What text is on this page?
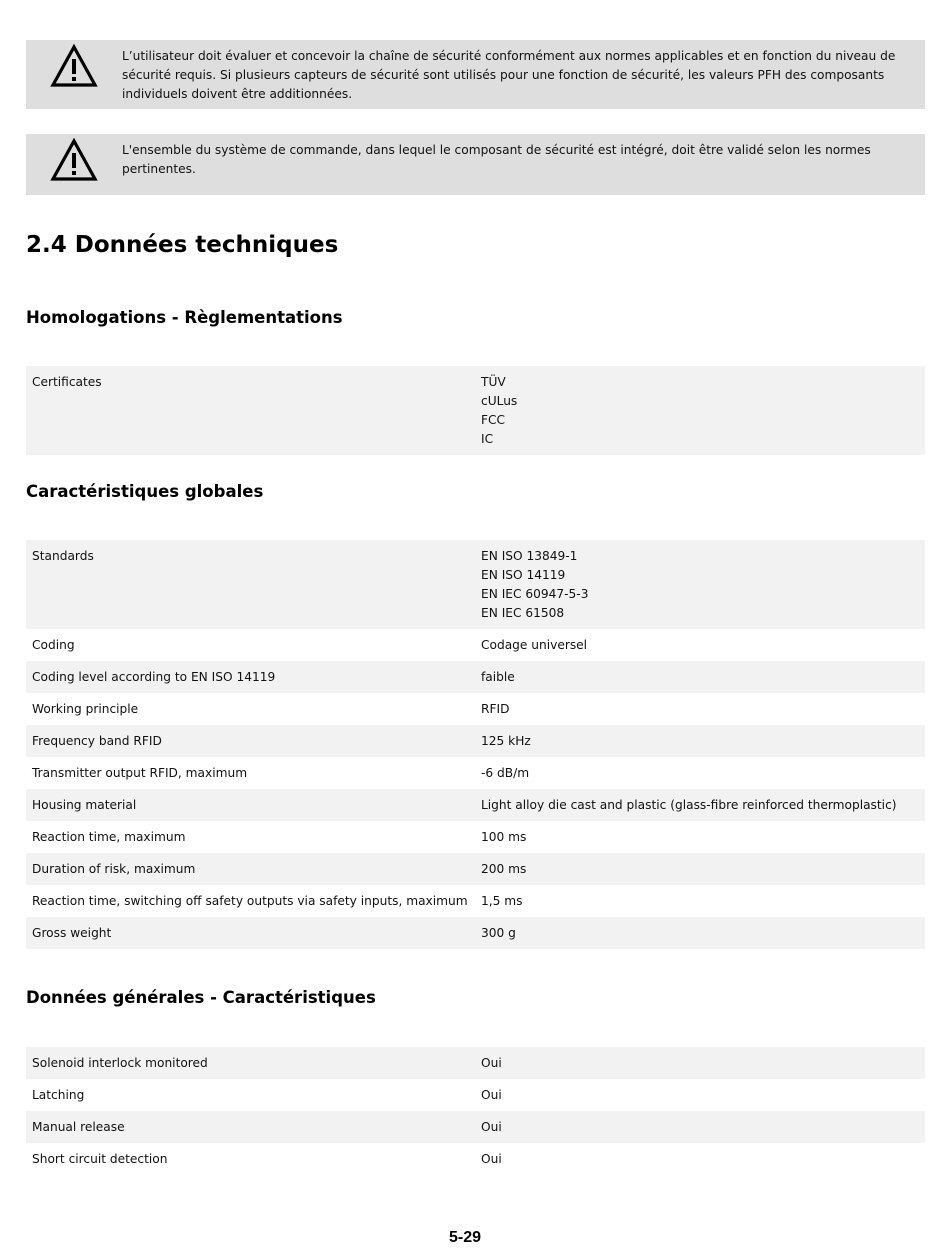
L’utilisateur doit évaluer et concevoir la chaîne de sécurité conformément aux normes applicables et en fonction du niveau de sécurité requis. Si plusieurs capteurs de sécurité sont utilisés pour une fonction de sécurité, les valeurs PFH des composants individuels doivent être additionnées.
L'ensemble du système de commande, dans lequel le composant de sécurité est intégré, doit être validé selon les normes pertinentes.
2.4 Données techniques
Homologations - Règlementations
Certificates	TÜV
cULus
FCC
IC
Caractéristiques globales
Standards	EN ISO 13849-1
EN ISO 14119
EN IEC 60947-5-3
EN IEC 61508

Coding	Codage universel

Coding level according to EN ISO 14119	faible

Working principle	RFID

Frequency band RFID	125 kHz

Transmitter output RFID, maximum	-6 dB/m

Housing material	Light alloy die cast and plastic (glass-fibre reinforced thermoplastic)

Reaction time, maximum	100 ms

Duration of risk, maximum	200 ms

Reaction time, switching off safety outputs via safety inputs, maximum	1,5 ms

Gross weight	300 g
Données générales - Caractéristiques
Solenoid interlock monitored	Oui

Latching	Oui

Manual release	Oui

Short circuit detection	Oui
5-29
